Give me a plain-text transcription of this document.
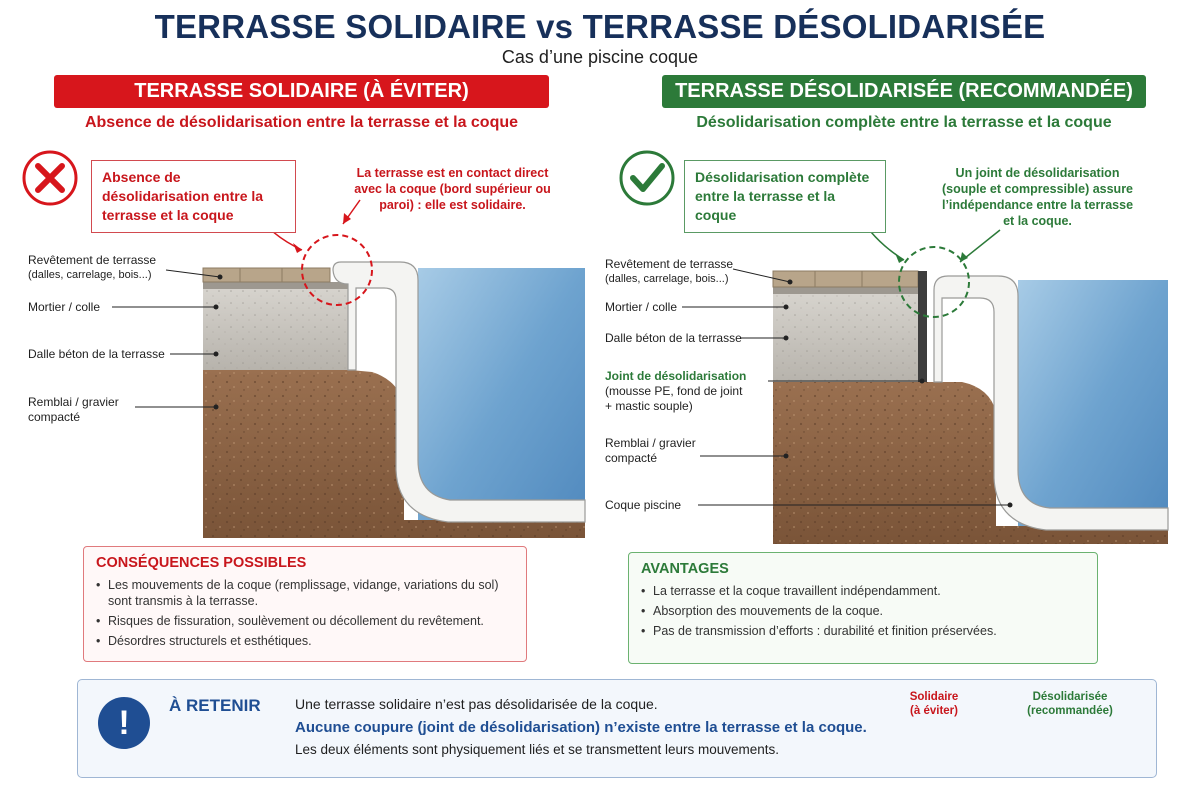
TERRASSE SOLIDAIRE vs TERRASSE DÉSOLIDARISÉE
Cas d’une piscine coque
TERRASSE SOLIDAIRE (À ÉVITER)	TERRASSE DÉSOLIDARISÉE (RECOMMANDÉE)
Absence de désolidarisation entre la terrasse et la coque	Désolidarisation complète entre la terrasse et la coque
Absence de désolidarisation entre la terrasse et la coque
Désolidarisation complète entre la terrasse et la coque
La terrasse est en contact direct avec la coque (bord supérieur ou paroi) : elle est solidaire.
Un joint de désolidarisation (souple et compressible) assure l’indépendance entre la terrasse et la coque.
Revêtement de terrasse
(dalles, carrelage, bois...)
Mortier / colle
Dalle béton de la terrasse
Remblai / gravier
compacté
Revêtement de terrasse
(dalles, carrelage, bois...)
Mortier / colle
Dalle béton de la terrasse
Joint de désolidarisation
(mousse PE, fond de joint
+ mastic souple)
Remblai / gravier
compacté
Coque piscine
CONSÉQUENCES POSSIBLES
• Les mouvements de la coque (remplissage, vidange, variations du sol) sont transmis à la terrasse.
• Risques de fissuration, soulèvement ou décollement du revêtement.
• Désordres structurels et esthétiques.
AVANTAGES
• La terrasse et la coque travaillent indépendamment.
• Absorption des mouvements de la coque.
• Pas de transmission d’efforts : durabilité et finition préservées.
!	À RETENIR Une terrasse solidaire n’est pas désolidarisée de la coque.
Aucune coupure (joint de désolidarisation) n’existe entre la terrasse et la coque.
Les deux éléments sont physiquement liés et se transmettent leurs mouvements.
Solidaire
(à éviter)
Désolidarisée
(recommandée)
